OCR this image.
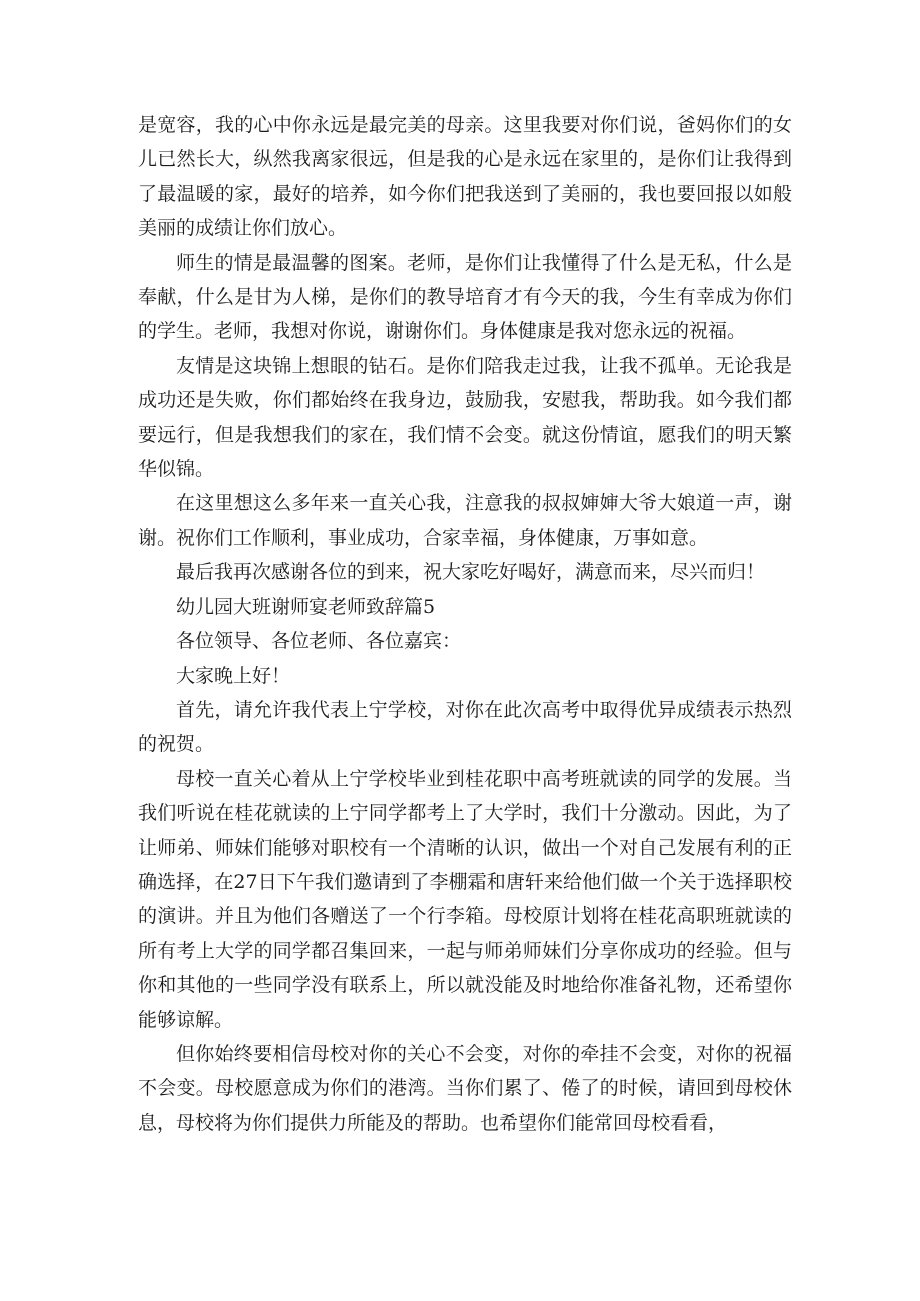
是宽容，我的心中你永远是最完美的母亲。这里我要对你们说，爸妈你们的女儿已然长大，纵然我离家很远，但是我的心是永远在家里的，是你们让我得到了最温暖的家，最好的培养，如今你们把我送到了美丽的，我也要回报以如般美丽的成绩让你们放心。

师生的情是最温馨的图案。老师，是你们让我懂得了什么是无私，什么是奉献，什么是甘为人梯，是你们的教导培育才有今天的我，今生有幸成为你们的学生。老师，我想对你说，谢谢你们。身体健康是我对您永远的祝福。

友情是这块锦上想眼的钻石。是你们陪我走过我，让我不孤单。无论我是成功还是失败，你们都始终在我身边，鼓励我，安慰我，帮助我。如今我们都要远行，但是我想我们的家在，我们情不会变。就这份情谊，愿我们的明天繁华似锦。

在这里想这么多年来一直关心我，注意我的叔叔婶婶大爷大娘道一声，谢谢。祝你们工作顺利，事业成功，合家幸福，身体健康，万事如意。

最后我再次感谢各位的到来，祝大家吃好喝好，满意而来，尽兴而归！

幼儿园大班谢师宴老师致辞篇5

各位领导、各位老师、各位嘉宾：

大家晚上好！

首先，请允许我代表上宁学校，对你在此次高考中取得优异成绩表示热烈的祝贺。

母校一直关心着从上宁学校毕业到桂花职中高考班就读的同学的发展。当我们听说在桂花就读的上宁同学都考上了大学时，我们十分激动。因此，为了让师弟、师妹们能够对职校有一个清晰的认识，做出一个对自己发展有利的正确选择，在27日下午我们邀请到了李棚霜和唐轩来给他们做一个关于选择职校的演讲。并且为他们各赠送了一个行李箱。母校原计划将在桂花高职班就读的所有考上大学的同学都召集回来，一起与师弟师妹们分享你成功的经验。但与你和其他的一些同学没有联系上，所以就没能及时地给你准备礼物，还希望你能够谅解。

但你始终要相信母校对你的关心不会变，对你的牵挂不会变，对你的祝福不会变。母校愿意成为你们的港湾。当你们累了、倦了的时候，请回到母校休息，母校将为你们提供力所能及的帮助。也希望你们能常回母校看看，
